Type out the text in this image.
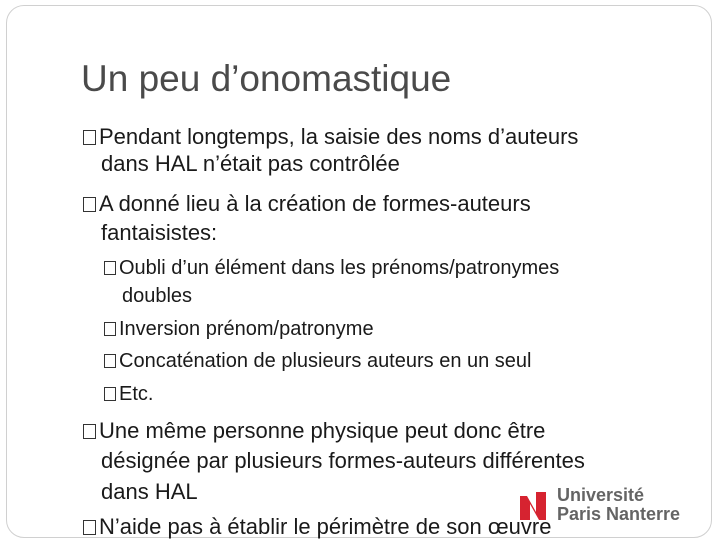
Un peu d’onomastique
Pendant longtemps, la saisie des noms d’auteurs
dans HAL n’était pas contrôlée
A donné lieu à la création de formes-auteurs
fantaisistes:
Oubli d’un élément dans les prénoms/patronymes
doubles
Inversion prénom/patronyme
Concaténation de plusieurs auteurs en un seul
Etc.
Une même personne physique peut donc être
désignée par plusieurs formes-auteurs différentes
dans HAL	Université
Paris Nanterre
N’aide pas à établir le périmètre de son œuvre
